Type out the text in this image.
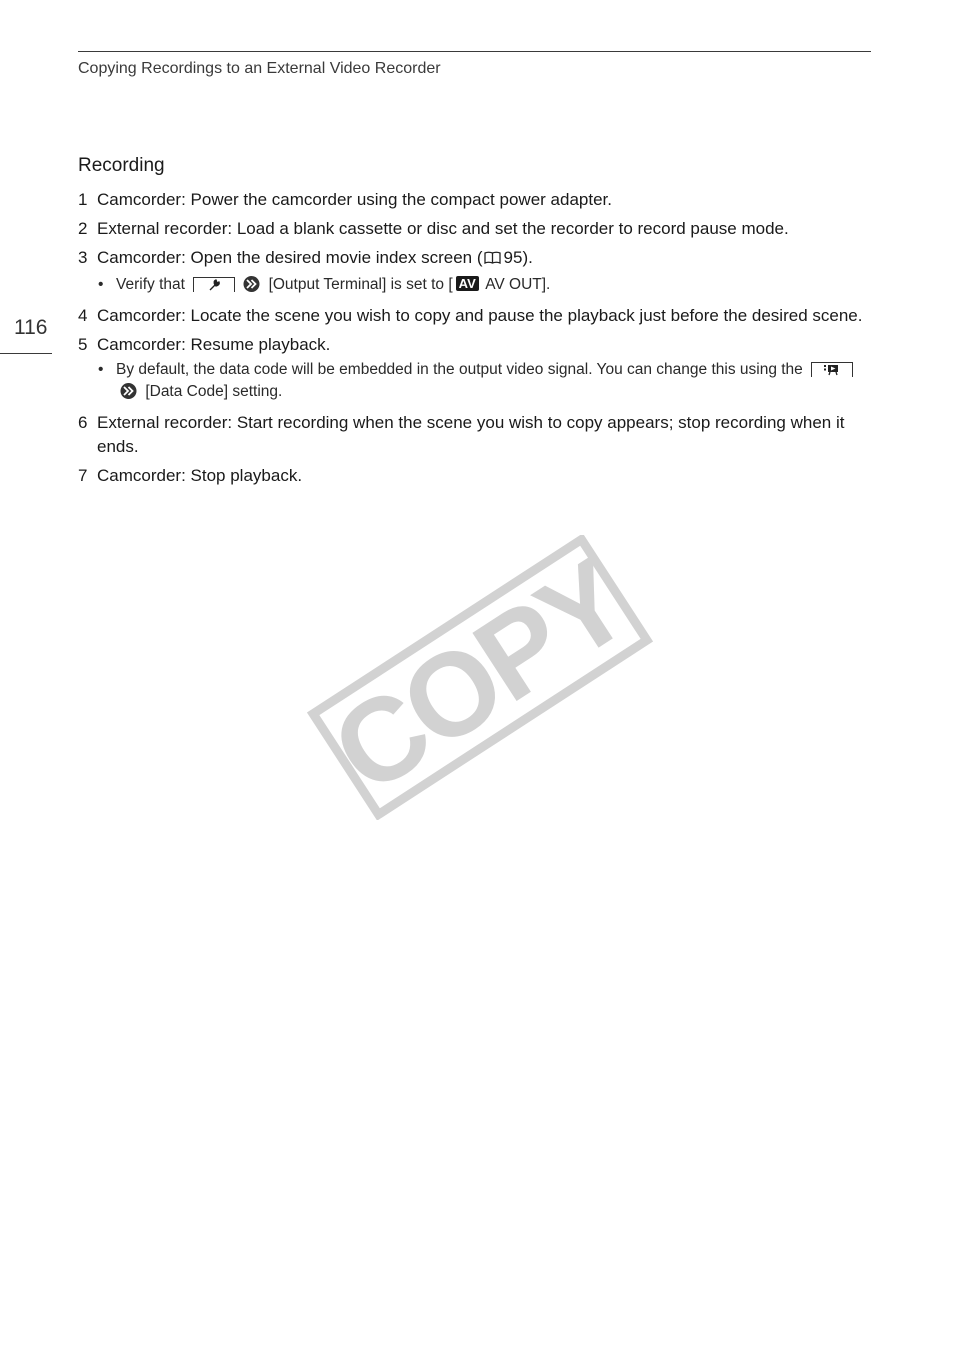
Copying Recordings to an External Video Recorder
116
Recording
1 Camcorder: Power the camcorder using the compact power adapter.
2 External recorder: Load a blank cassette or disc and set the recorder to record pause mode.
3 Camcorder: Open the desired movie index screen ( 95).
• Verify that	[Output Terminal] is set to [ AV AV OUT].
4 Camcorder: Locate the scene you wish to copy and pause the playback just before the desired scene.
5 Camcorder: Resume playback.
• By default, the data code will be embedded in the output video signal. You can change this using the
[Data Code] setting.
6 External recorder: Start recording when the scene you wish to copy appears; stop recording when it ends.
7 Camcorder: Stop playback.
COPY
